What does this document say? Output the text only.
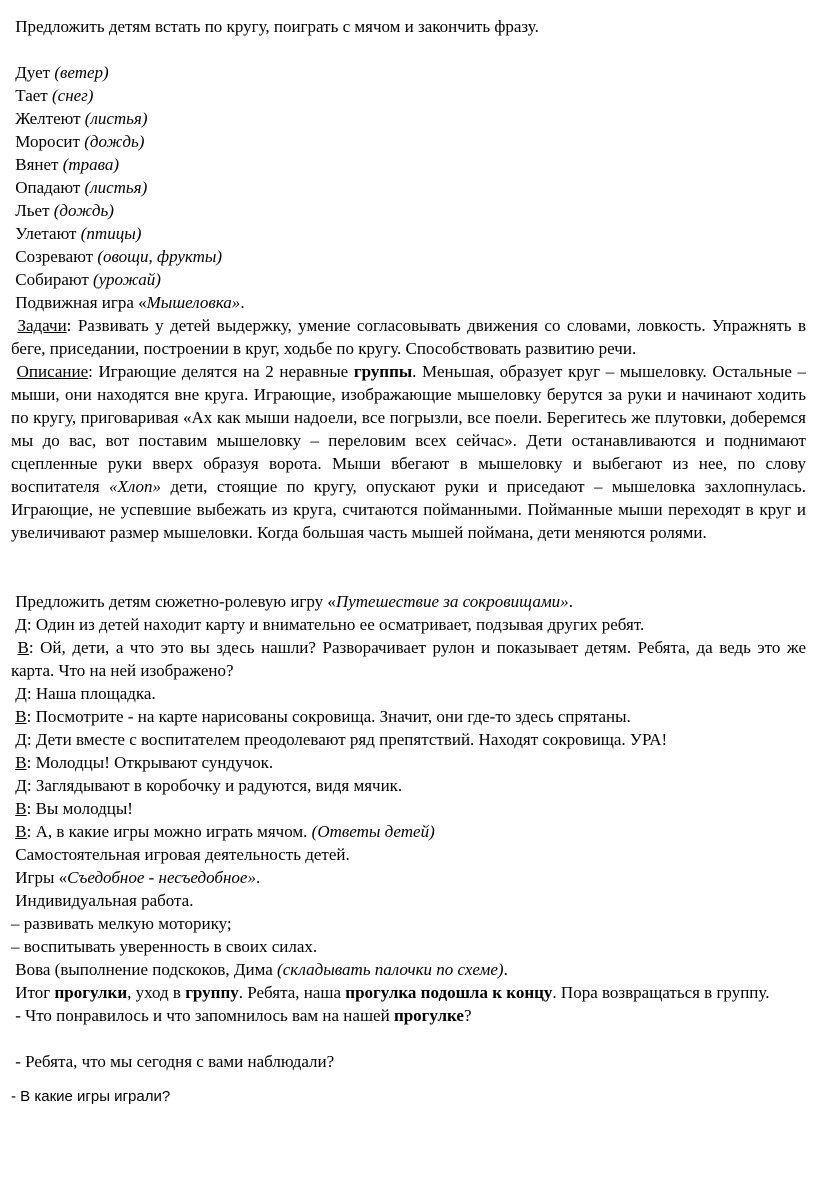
Предложить детям встать по кругу, поиграть с мячом и закончить фразу.

Дует (ветер)

Тает (снег)

Желтеют (листья)

Моросит (дождь)

Вянет (трава)

Опадают (листья)

Льет (дождь)

Улетают (птицы)

Созревают (овощи, фрукты)

Собирают (урожай)

Подвижная игра «Мышеловка».

Задачи: Развивать у детей выдержку, умение согласовывать движения со словами, ловкость. Упражнять в беге, приседании, построении в круг, ходьбе по кругу. Способствовать развитию речи.

Описание: Играющие делятся на 2 неравные группы. Меньшая, образует круг – мышеловку. Остальные – мыши, они находятся вне круга. Играющие, изображающие мышеловку берутся за руки и начинают ходить по кругу, приговаривая «Ах как мыши надоели, все погрызли, все поели. Берегитесь же плутовки, доберемся мы до вас, вот поставим мышеловку – переловим всех сейчас». Дети останавливаются и поднимают сцепленные руки вверх образуя ворота. Мыши вбегают в мышеловку и выбегают из нее, по слову воспитателя «Хлоп» дети, стоящие по кругу, опускают руки и приседают – мышеловка захлопнулась. Играющие, не успевшие выбежать из круга, считаются пойманными. Пойманные мыши переходят в круг и увеличивают размер мышеловки. Когда большая часть мышей поймана, дети меняются ролями.

Предложить детям сюжетно-ролевую игру «Путешествие за сокровищами».

Д: Один из детей находит карту и внимательно ее осматривает, подзывая других ребят.

В: Ой, дети, а что это вы здесь нашли? Разворачивает рулон и показывает детям. Ребята, да ведь это же карта. Что на ней изображено?

Д: Наша площадка.

В: Посмотрите - на карте нарисованы сокровища. Значит, они где-то здесь спрятаны.

Д: Дети вместе с воспитателем преодолевают ряд препятствий. Находят сокровища. УРА!

В: Молодцы! Открывают сундучок.

Д: Заглядывают в коробочку и радуются, видя мячик.

В: Вы молодцы!

В: А, в какие игры можно играть мячом. (Ответы детей)

Самостоятельная игровая деятельность детей.

Игры «Съедобное - несъедобное».

Индивидуальная работа.

– развивать мелкую моторику;

– воспитывать уверенность в своих силах.

Вова (выполнение подскоков, Дима (складывать палочки по схеме).

Итог прогулки, уход в группу. Ребята, наша прогулка подошла к концу. Пора возвращаться в группу.

- Что понравилось и что запомнилось вам на нашей прогулке?

- Ребята, что мы сегодня с вами наблюдали?

- В какие игры играли?
